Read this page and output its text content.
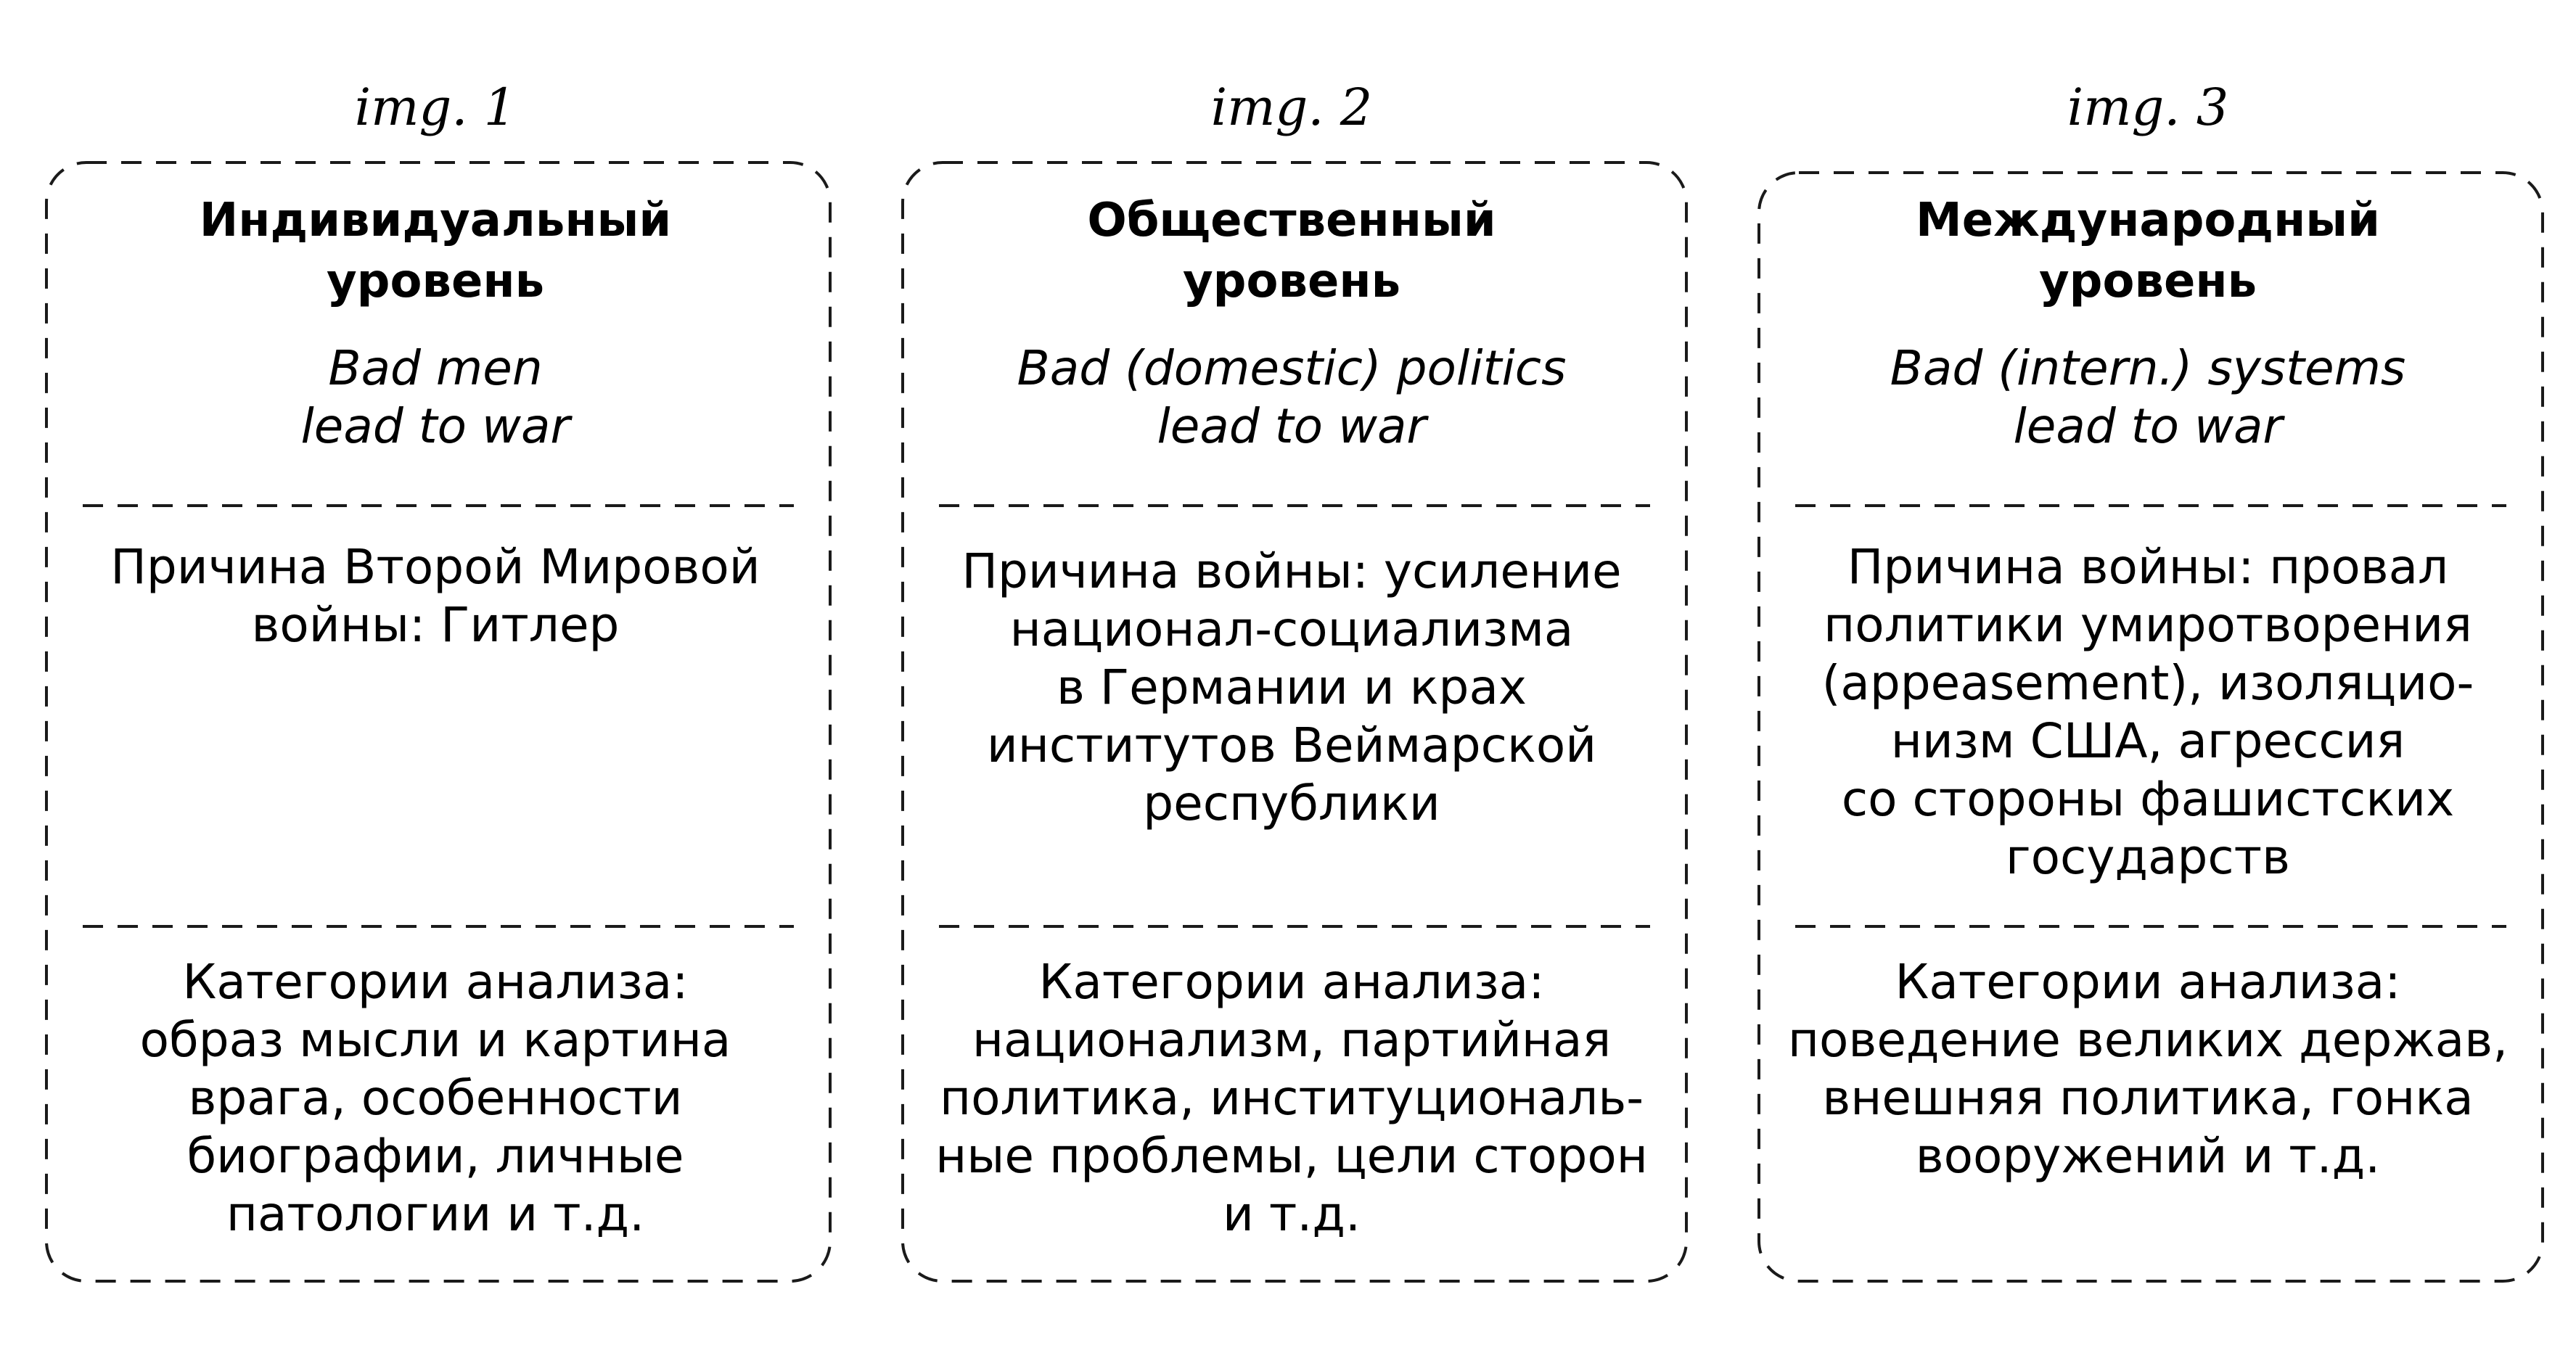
img. 1
Индивидуальный
уровень
Bad men
lead to war
Причина Второй Мировой
войны: Гитлер
Категории анализа:
образ мысли и картина
врага, особенности
биографии, личные
патологии и т.д.
img. 2
Общественный
уровень
Bad (domestic) politics
lead to war
Причина войны: усиление
национал-социализма
в Германии и крах
институтов Веймарской
республики
Категории анализа:
национализм, партийная
политика, институциональ-
ные проблемы, цели сторон
и т.д.
img. 3
Международный
уровень
Bad (intern.) systems
lead to war
Причина войны: провал
политики умиротворения
(appeasement), изоляцио-
низм США, агрессия
со стороны фашистских
государств
Категории анализа:
поведение великих держав,
внешняя политика, гонка
вооружений и т.д.
